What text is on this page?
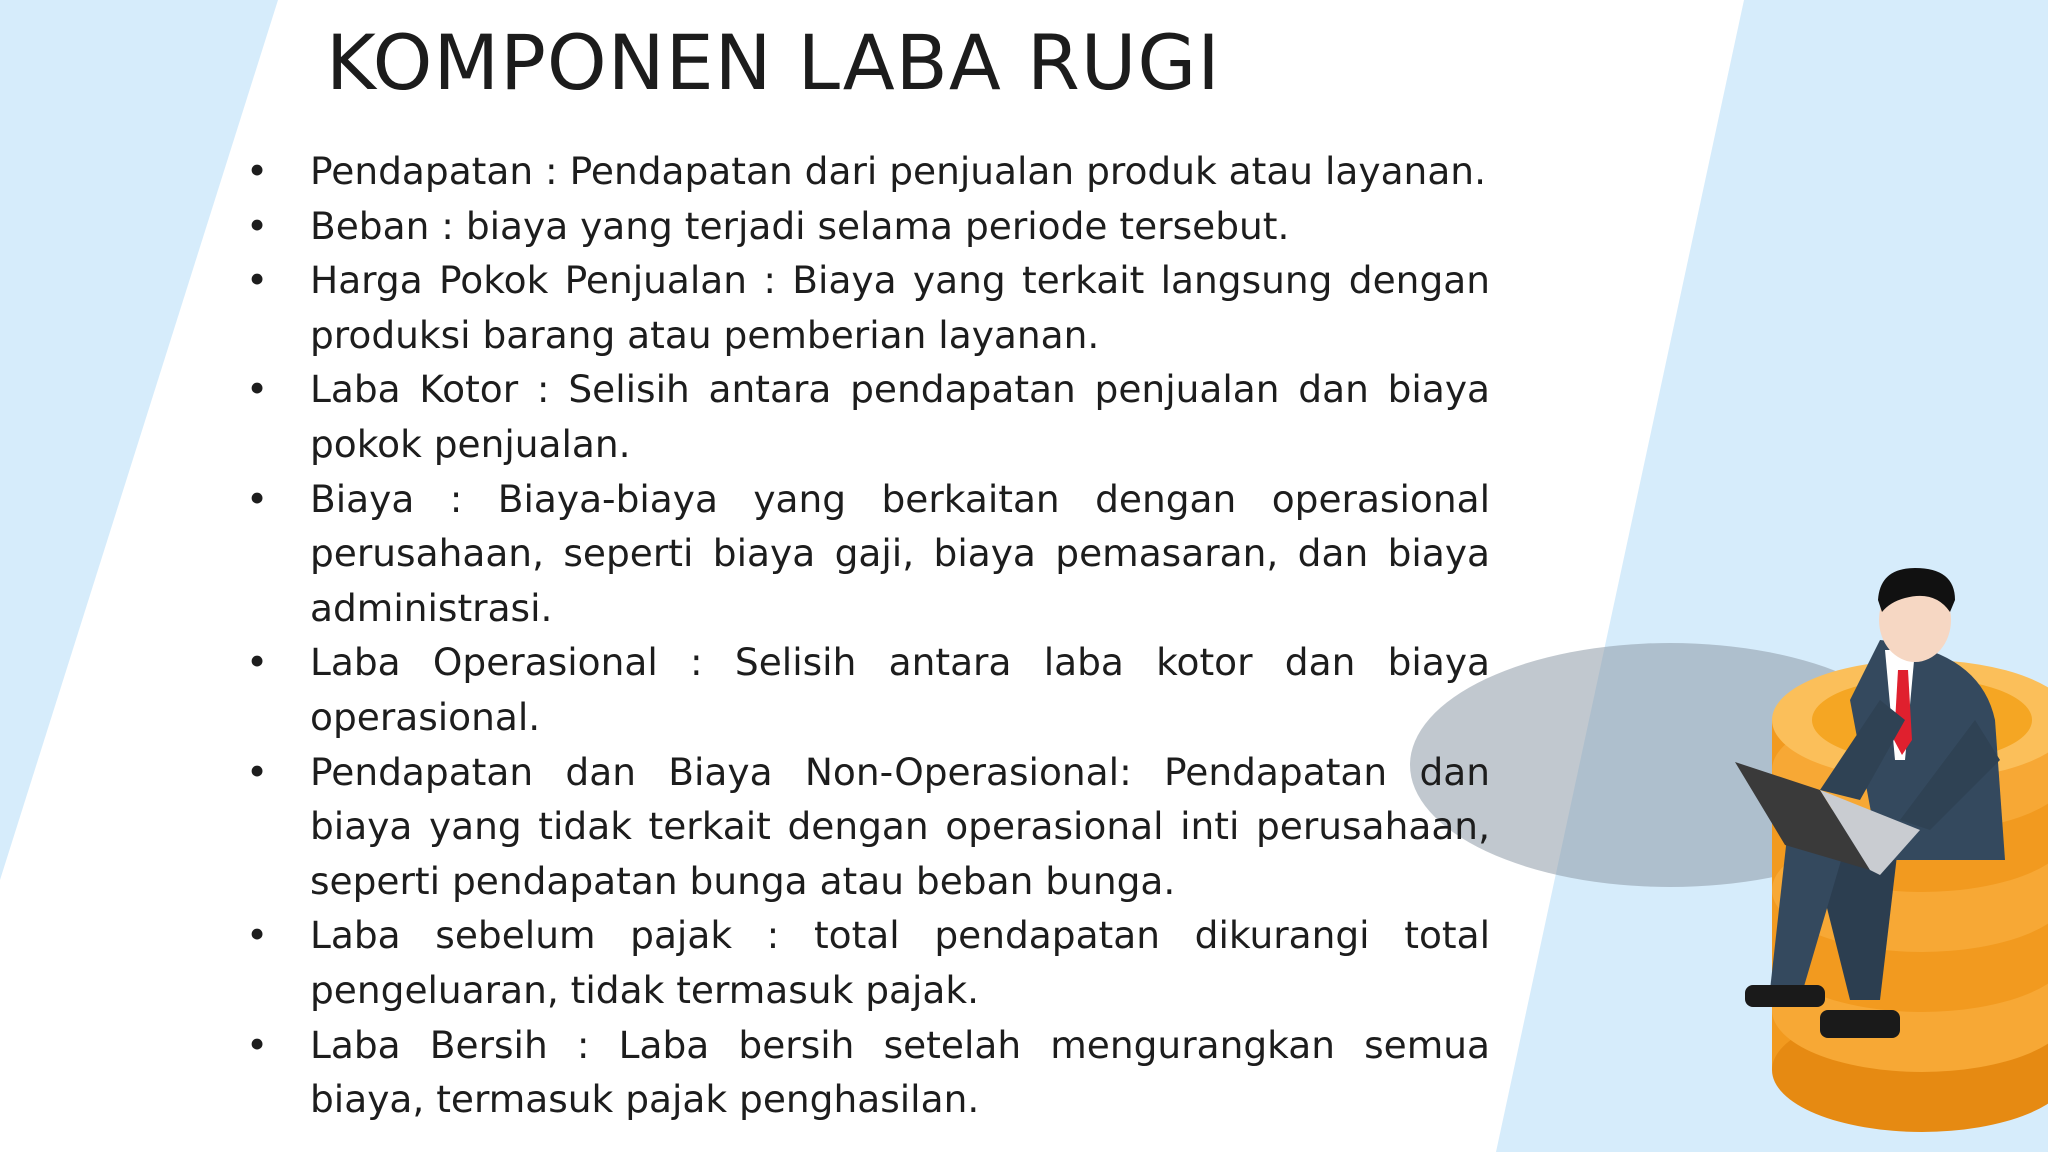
KOMPONEN LABA RUGI
• Pendapatan : Pendapatan dari penjualan produk atau layanan.
• Beban : biaya yang terjadi selama periode tersebut.
• Harga Pokok Penjualan : Biaya yang terkait langsung dengan produksi barang atau pemberian layanan.
• Laba Kotor : Selisih antara pendapatan penjualan dan biaya pokok penjualan.
• Biaya : Biaya-biaya yang berkaitan dengan operasional perusahaan, seperti biaya gaji, biaya pemasaran, dan biaya administrasi.
• Laba Operasional : Selisih antara laba kotor dan biaya operasional.
• Pendapatan dan Biaya Non-Operasional: Pendapatan dan biaya yang tidak terkait dengan operasional inti perusahaan, seperti pendapatan bunga atau beban bunga.
• Laba sebelum pajak : total pendapatan dikurangi total pengeluaran, tidak termasuk pajak.
• Laba Bersih : Laba bersih setelah mengurangkan semua biaya, termasuk pajak penghasilan.
